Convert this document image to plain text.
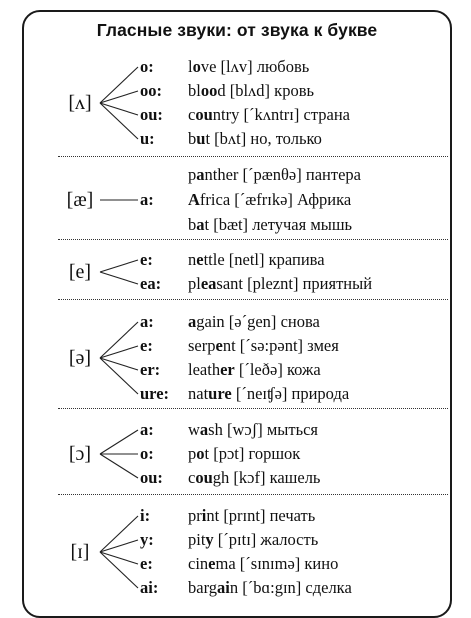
Гласные звуки: от звука к букве
[ʌ]
o: love [lʌv] любовь
oo: blood [blʌd] кровь
ou: country [ˊkʌntrɪ] страна
u: but [bʌt] но, только
[æ]
panther [ˊpænθə] пантера
a: Africa [ˊæfrɪkə] Африка
bat [bæt] летучая мышь
[e]
e: nettle [netl] крапива
ea: pleasant [pleznt] приятный
[ə]
a: again [əˊgen] снова
e: serpent [ˊsə:pənt] змея
er: leather [ˊleðə] кожа
ure: nature [ˊneɪʧə] природа
[ɔ]
a: wash [wɔʃ] мыться
o: pot [pɔt] горшок
ou: cough [kɔf] кашель
[ɪ]
i: print [prɪnt] печать
y: pity [ˊpɪtɪ] жалость
e: cinema [ˊsɪnɪmə] кино
ai: bargain [ˊbɑ:gɪn] сделка
